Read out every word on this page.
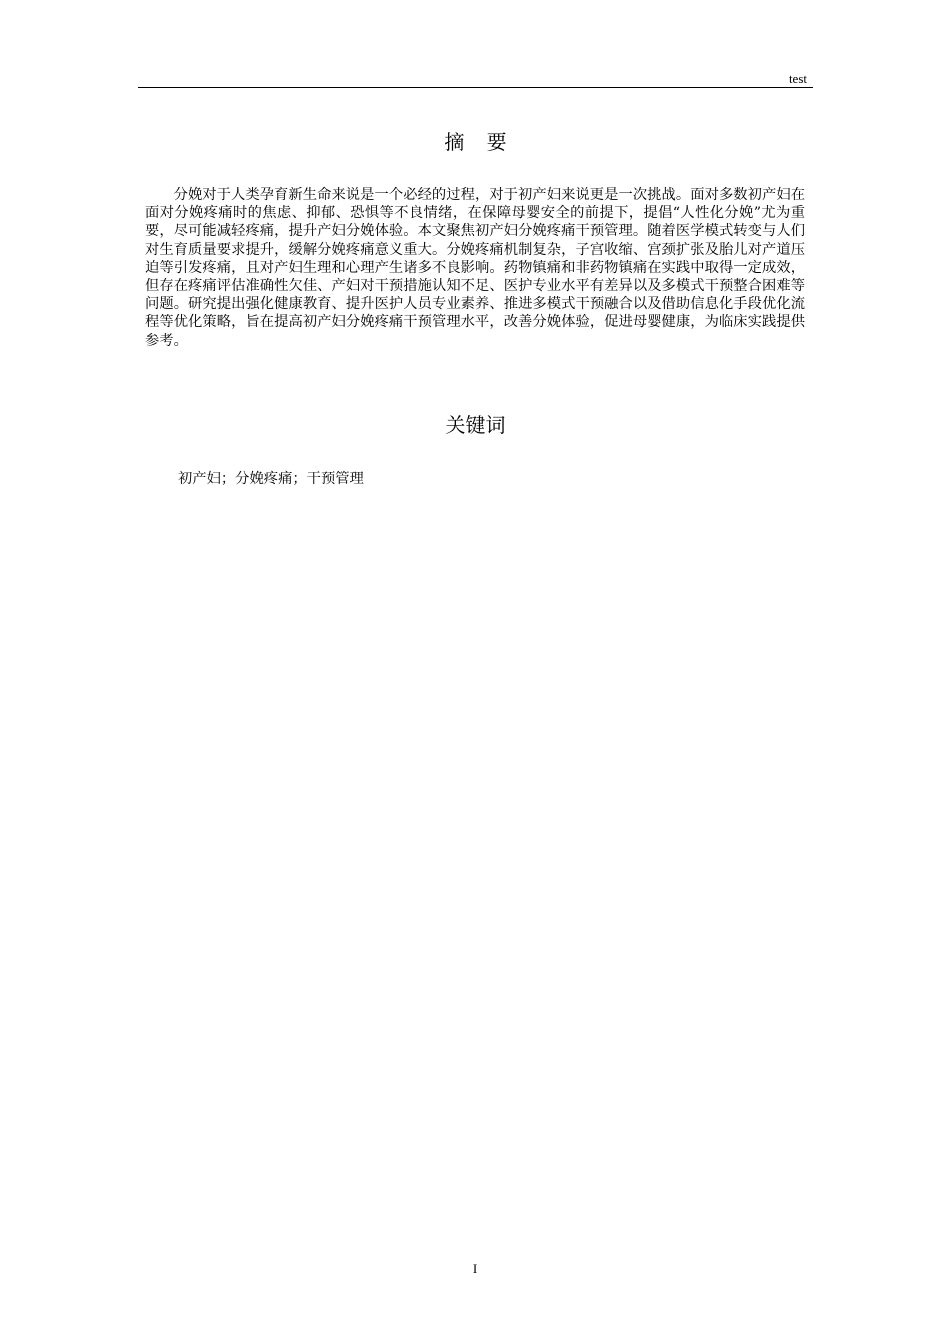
test
摘 要

分娩对于人类孕育新生命来说是一个必经的过程，对于初产妇来说更是一次挑战。面对多数初产妇在面对分娩疼痛时的焦虑、抑郁、恐惧等不良情绪，在保障母婴安全的前提下，提倡“人性化分娩”尤为重要，尽可能减轻疼痛，提升产妇分娩体验。本文聚焦初产妇分娩疼痛干预管理。随着医学模式转变与人们对生育质量要求提升，缓解分娩疼痛意义重大。分娩疼痛机制复杂，子宫收缩、宫颈扩张及胎儿对产道压迫等引发疼痛，且对产妇生理和心理产生诸多不良影响。药物镇痛和非药物镇痛在实践中取得一定成效，但存在疼痛评估准确性欠佳、产妇对干预措施认知不足、医护专业水平有差异以及多模式干预整合困难等问题。研究提出强化健康教育、提升医护人员专业素养、推进多模式干预融合以及借助信息化手段优化流程等优化策略，旨在提高初产妇分娩疼痛干预管理水平，改善分娩体验，促进母婴健康，为临床实践提供参考。

关键词

初产妇；分娩疼痛；干预管理

I
